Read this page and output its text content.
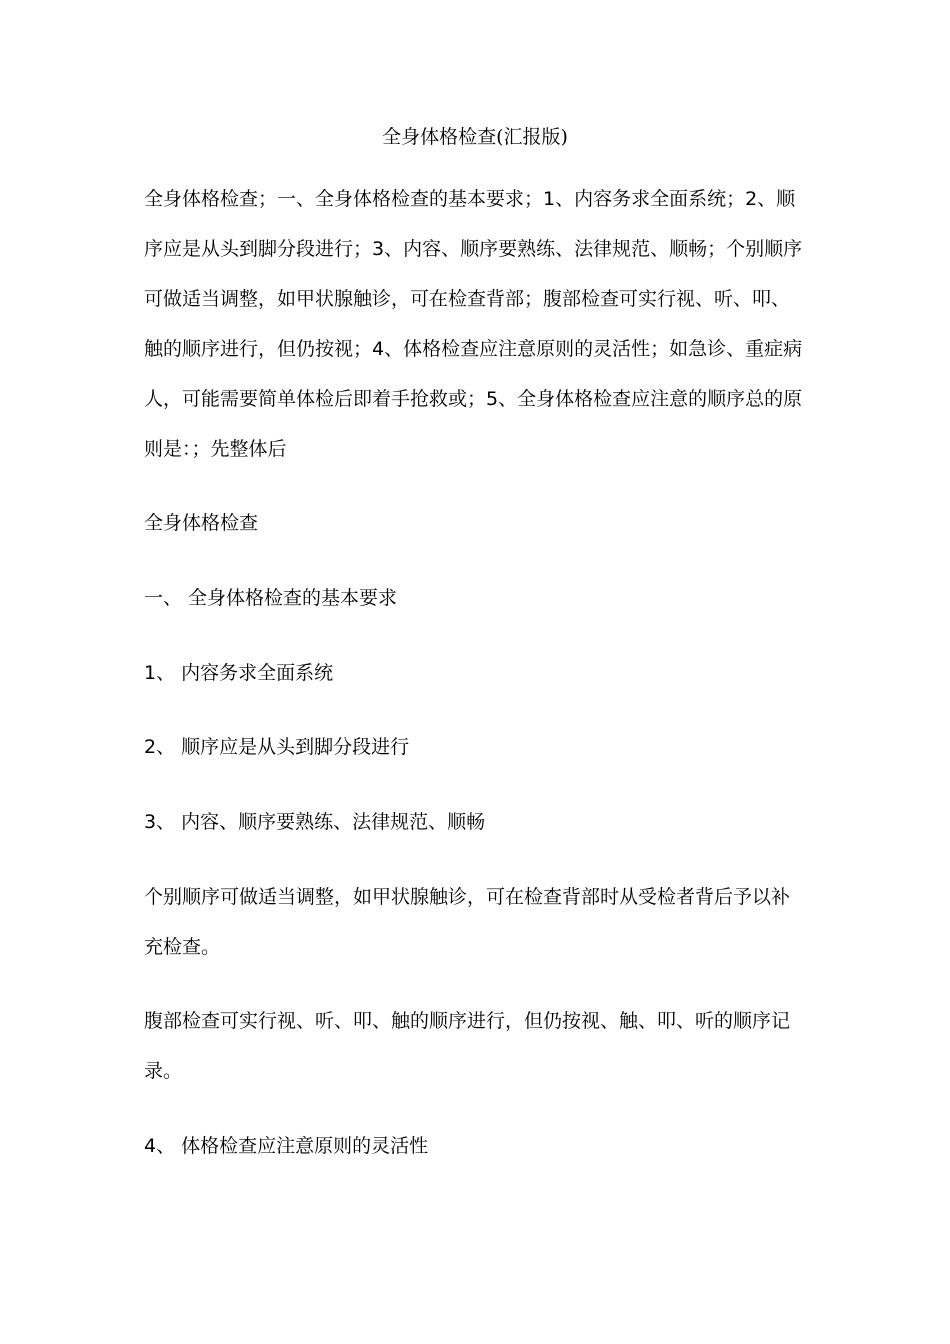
全身体格检查(汇报版)
全身体格检查；一、全身体格检查的基本要求；1、内容务求全面系统；2、顺
序应是从头到脚分段进行；3、内容、顺序要熟练、法律规范、顺畅；个别顺序
可做适当调整，如甲状腺触诊，可在检查背部；腹部检查可实行视、听、叩、
触的顺序进行，但仍按视；4、体格检查应注意原则的灵活性；如急诊、重症病
人，可能需要简单体检后即着手抢救或；5、全身体格检查应注意的顺序总的原
则是：；先整体后
全身体格检查
一、 全身体格检查的基本要求
1、 内容务求全面系统
2、 顺序应是从头到脚分段进行
3、 内容、顺序要熟练、法律规范、顺畅
个别顺序可做适当调整，如甲状腺触诊，可在检查背部时从受检者背后予以补
充检查。
腹部检查可实行视、听、叩、触的顺序进行，但仍按视、触、叩、听的顺序记
录。
4、 体格检查应注意原则的灵活性
